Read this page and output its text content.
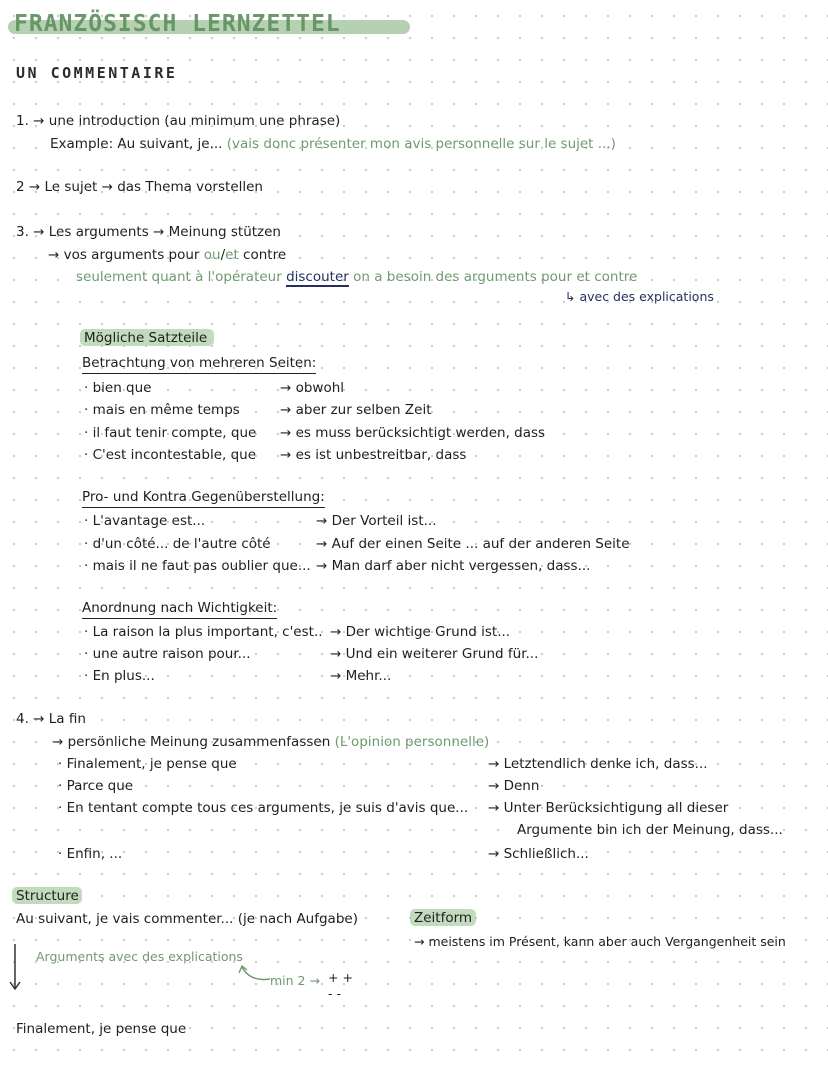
FRANZÖSISCH LERNZETTEL
UN COMMENTAIRE
1. → une introduction (au minimum une phrase)
Example: Au suivant, je... (vais donc présenter mon avis personnelle sur le sujet ...)
2 → Le sujet → das Thema vorstellen
3. → Les arguments → Meinung stützen
→ vos arguments pour ou/et contre
seulement quant à l'opérateur discouter on a besoin des arguments pour et contre
↳ avec des explications
Mögliche Satzteile
Betrachtung von mehreren Seiten:
· bien que	→ obwohl
· mais en même temps	→ aber zur selben Zeit
· il faut tenir compte, que → es muss berücksichtigt werden, dass
· C'est incontestable, que → es ist unbestreitbar, dass
Pro- und Kontra Gegenüberstellung:
· L'avantage est...	→ Der Vorteil ist...
· d'un côté... de l'autre côté	→ Auf der einen Seite ... auf der anderen Seite
· mais il ne faut pas oublier que... → Man darf aber nicht vergessen, dass...
Anordnung nach Wichtigkeit:
· La raison la plus important, c'est.. → Der wichtige Grund ist...
· une autre raison pour...	→ Und ein weiterer Grund für...
· En plus...	→ Mehr...
4. → La fin
→ persönliche Meinung zusammenfassen (L'opinion personnelle)
· Finalement, je pense que	→ Letztendlich denke ich, dass...
· Parce que	→ Denn
· En tentant compte tous ces arguments, je suis d'avis que... → Unter Berücksichtigung all dieser
Argumente bin ich der Meinung, dass...
· Enfin, ...	→ Schließlich...
Structure
Au suivant, je vais commenter... (je nach Aufgabe)
Arguments avec des explications
min 2 → + +
- -
Finalement, je pense que
Zeitform
→ meistens im Présent, kann aber auch Vergangenheit sein
